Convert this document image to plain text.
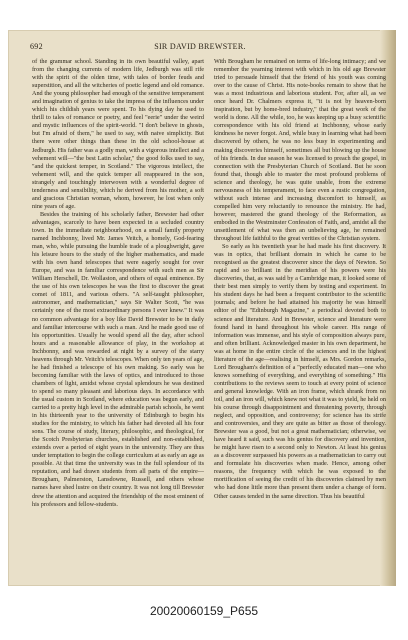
692	SIR DAVID BREWSTER.

of the grammar school. Standing in its own beautiful valley, apart from the changing currents of modern life, Jedburgh was still rife with the spirit of the olden time, with tales of border feuds and superstition, and all the witcheries of poetic legend and old romance. And the young philosopher had enough of the sensitive temperament and imagination of genius to take the impress of the influences under which his childish years were spent. To his dying day he used to thrill to tales of romance or poetry, and feel "eerie" under the weird and mystic influences of the spirit-world. "I don't believe in ghosts, but I'm afraid of them," he used to say, with naive simplicity. But there were other things than these in the old school-house at Jedburgh. His father was a godly man, with a vigorous intellect and a vehement will—"the best Latin scholar," the good folks used to say, "and the quickest temper, in Scotland." The vigorous intellect, the vehement will, and the quick temper all reappeared in the son, strangely and touchingly interwoven with a wonderful degree of tenderness and sensibility, which he derived from his mother, a soft and gracious Christian woman, whom, however, he lost when only nine years of age.

Besides the training of his scholarly father, Brewster had other advantages, scarcely to have been expected in a secluded country town. In the immediate neighbourhood, on a small family property named Inchbonny, lived Mr. James Veitch, a homely, God-fearing man, who, while pursuing the humble trade of a ploughwright, gave his leisure hours to the study of the higher mathematics, and made with his own hand telescopes that were eagerly sought for over Europe, and was in familiar correspondence with such men as Sir William Herschell, Dr. Wollaston, and others of equal eminence. By the use of his own telescopes he was the first to discover the great comet of 1811, and various others. "A self-taught philosopher, astronomer, and mathematician," says Sir Walter Scott, "he was certainly one of the most extraordinary persons I ever knew." It was no common advantage for a boy like David Brewster to be in daily and familiar intercourse with such a man. And he made good use of his opportunities. Usually he would spend all the day, after school hours and a reasonable allowance of play, in the workshop at Inchbonny, and was rewarded at night by a survey of the starry heavens through Mr. Veitch's telescopes. When only ten years of age, he had finished a telescope of his own making. So early was he becoming familiar with the laws of optics, and introduced to those chambers of light, amidst whose crystal splendours he was destined to spend so many pleasant and laborious days. In accordance with the usual custom in Scotland, where education was begun early, and carried to a pretty high level in the admirable parish schools, he went in his thirteenth year to the university of Edinburgh to begin his studies for the ministry, to which his father had devoted all his four sons. The course of study, literary, philosophic, and theological, for the Scotch Presbyterian churches, established and non-established, extends over a period of eight years in the university. They are thus under temptation to begin the college curriculum at as early an age as possible. At that time the university was in the full splendour of its reputation, and had drawn students from all parts of the empire—Brougham, Palmerston, Lansdowne, Russell, and others whose names have shed lustre on their country. It was not long till Brewster drew the attention and acquired the friendship of the most eminent of his professors and fellow-students.

With Brougham he remained on terms of life-long intimacy; and we remember the yearning interest with which in his old age Brewster tried to persuade himself that the friend of his youth was coming over to the cause of Christ. His note-books remain to show that he was a most industrious and laborious student. For, after all, as we once heard Dr. Chalmers express it, "it is not by heaven-born inspiration, but by home-bred industry," that the great work of the world is done. All the while, too, he was keeping up a busy scientific correspondence with his old friend at Inchbonny, whose early kindness he never forgot. And, while busy in learning what had been discovered by others, he was no less busy in experimenting and making discoveries himself, sometimes all but blowing up the house of his friends. In due season he was licensed to preach the gospel, in connection with the Presbyterian Church of Scotland. But he soon found that, though able to master the most profound problems of science and theology, he was quite unable, from the extreme nervousness of his temperament, to face even a rustic congregation, without such intense and increasing discomfort to himself, as compelled him very reluctantly to renounce the ministry. He had, however, mastered the grand theology of the Reformation, as embodied in the Westminster Confession of Faith, and, amidst all the unsettlement of what was then an unbelieving age, he remained throughout life faithful to the great verities of the Christian system.

So early as his twentieth year he had made his first discovery. It was in optics, that brilliant domain in which he came to be recognised as the greatest discoverer since the days of Newton. So rapid and so brilliant in the meridian of his powers were his discoveries, that, as was said by a Cambridge man, it looked some of their best men simply to verify them by testing and experiment. In his student days he had been a frequent contributor to the scientific journals; and before he had attained his majority he was himself editor of the "Edinburgh Magazine," a periodical devoted both to science and literature. And in Brewster, science and literature were found hand in hand throughout his whole career. His range of information was immense, and his style of composition always pure, and often brilliant. Acknowledged master in his own department, he was at home in the entire circle of the sciences and in the highest literature of the age—realising in himself, as Mrs. Gordon remarks, Lord Brougham's definition of a "perfectly educated man—one who knows something of everything, and everything of something." His contributions to the reviews seem to touch at every point of science and general knowledge. With an iron frame, which shrank from no toil, and an iron will, which knew not what it was to yield, he held on his course through disappointment and threatening poverty, through neglect, and opposition, and controversy; for science has its strife and controversies, and they are quite as bitter as those of theology. Brewster was a good, but not a great mathematician; otherwise, we have heard it said, such was his genius for discovery and invention, he might have risen to a second only to Newton. At least his genius as a discoverer surpassed his powers as a mathematician to carry out and formulate his discoveries when made. Hence, among other reasons, the frequency with which he was exposed to the mortification of seeing the credit of his discoveries claimed by men who had done little more than present them under a change of form. Other causes tended in the same direction. Thus his beautiful

20020060159_P655
